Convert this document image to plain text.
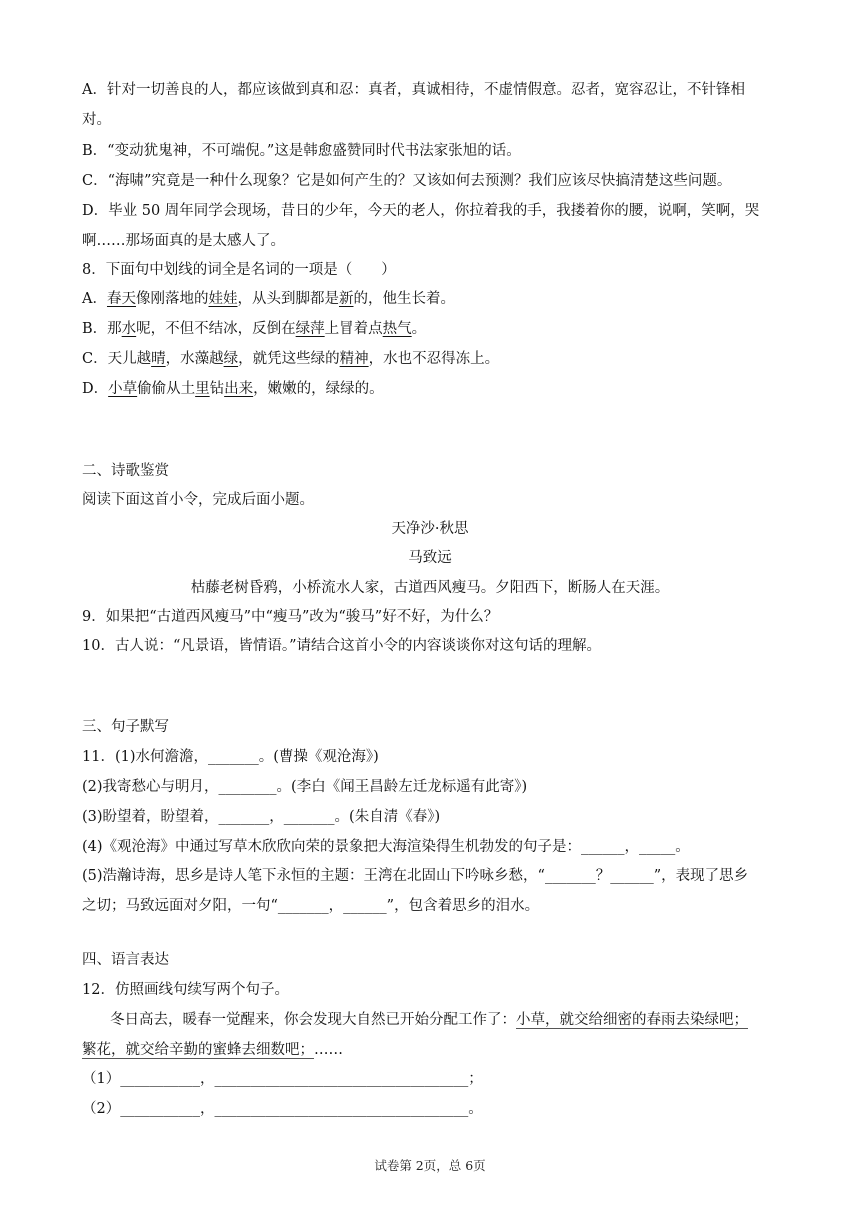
A．针对一切善良的人，都应该做到真和忍：真者，真诚相待，不虚情假意。忍者，宽容忍让，不针锋相
对。
B．“变动犹鬼神，不可端倪。”这是韩愈盛赞同时代书法家张旭的话。
C．“海啸”究竟是一种什么现象？它是如何产生的？又该如何去预测？我们应该尽快搞清楚这些问题。
D．毕业 50 周年同学会现场，昔日的少年，今天的老人，你拉着我的手，我搂着你的腰，说啊，笑啊，哭
啊……那场面真的是太感人了。
8．下面句中划线的词全是名词的一项是（　　）
A．春天像刚落地的娃娃，从头到脚都是新的，他生长着。
B．那水呢，不但不结冰，反倒在绿萍上冒着点热气。
C．天儿越晴，水藻越绿，就凭这些绿的精神，水也不忍得冻上。
D．小草偷偷从土里钻出来，嫩嫩的，绿绿的。
二、诗歌鉴赏
阅读下面这首小令，完成后面小题。
天净沙·秋思
马致远
枯藤老树昏鸦，小桥流水人家，古道西风瘦马。夕阳西下，断肠人在天涯。
9．如果把“古道西风瘦马”中“瘦马”改为“骏马”好不好，为什么？
10．古人说：“凡景语，皆情语。”请结合这首小令的内容谈谈你对这句话的理解。
三、句子默写
11．(1)水何澹澹，_______。(曹操《观沧海》)
(2)我寄愁心与明月，________。(李白《闻王昌龄左迁龙标遥有此寄》)
(3)盼望着，盼望着，_______，_______。(朱自清《春》)
(4)《观沧海》中通过写草木欣欣向荣的景象把大海渲染得生机勃发的句子是：______，_____。
(5)浩瀚诗海，思乡是诗人笔下永恒的主题：王湾在北固山下吟咏乡愁，“_______？______”，表现了思乡
之切；马致远面对夕阳，一句“_______，______”，包含着思乡的泪水。
四、语言表达
12．仿照画线句续写两个句子。
冬日高去，暖春一觉醒来，你会发现大自然已开始分配工作了：小草，就交给细密的春雨去染绿吧；
繁花，就交给辛勤的蜜蜂去细数吧；……
（1）___________，___________________________________；
（2）___________，___________________________________。
试卷第 2页，总 6页
